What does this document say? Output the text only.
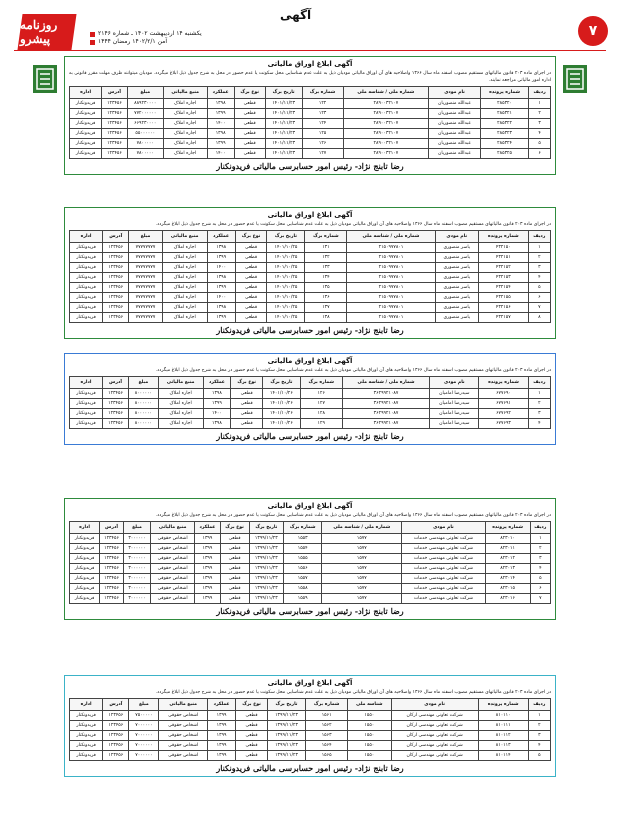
روزنامه پیشرو	یکشنبه ۱۴ اردیبهشت ۱۴۰۲ ـ شماره ۲۱۴۶
آمن ۱۴۰۲/۲/۱ رمضان ۱۴۴۴
آگهی
۷
آگهی ابلاغ اوراق مالیاتی
در اجرای ماده ۲۰۳ قانون مالیاتهای مستقیم مصوب اسفند ماه سال ۱۳۶۶ واصلاحیه های آن اوراق مالیاتی مودیان ذیل به علت عدم شناسایی محل سکونت یا عدم حضور در محل به شرح جدول ذیل ابلاغ میگردد. مودیان میتوانند ظرف مهلت مقرر قانونی به اداره امور مالیاتی مراجعه نمایند.
ردیف	شماره پرونده	نام مودی	شماره ملی / شناسه ملی	شماره برگ	تاریخ برگ	نوع برگ	عملکرد	منبع مالیاتی	مبلغ	آدرس	اداره
۱	۲۸۵۳۲۰	عبدالله منصوریان	۲۸۹۰۰۳۲۱۰۷	۱۲۲	۱۴۰۱/۱۱/۲۳	قطعی	۱۳۹۸	اجاره املاک	۸۸۹۲۳۰۰۰۰	۱۲۳۴۵۶	فریدونکنار
۲	۲۸۵۳۲۱	عبدالله منصوریان	۲۸۹۰۰۳۲۱۰۷	۱۲۳	۱۴۰۱/۱۱/۲۳	قطعی	۱۳۹۹	اجاره املاک	۷۷۲۰۰۰۰۰۰	۱۲۳۴۵۶	فریدونکنار
۳	۲۸۵۳۲۲	عبدالله منصوریان	۲۸۹۰۰۳۲۱۰۷	۱۲۴	۱۴۰۱/۱۱/۲۳	قطعی	۱۴۰۰	اجاره املاک	۶۶۹۲۳۰۰۰۰	۱۲۳۴۵۶	فریدونکنار
۴	۲۸۵۳۲۳	عبدالله منصوریان	۲۸۹۰۰۳۲۱۰۷	۱۲۵	۱۴۰۱/۱۱/۲۳	قطعی	۱۳۹۸	اجاره املاک	۵۵۰۰۰۰۰۰	۱۲۳۴۵۶	فریدونکنار
۵	۲۸۵۳۲۴	عبدالله منصوریان	۲۸۹۰۰۳۲۱۰۷	۱۲۶	۱۴۰۱/۱۱/۲۳	قطعی	۱۳۹۹	اجاره املاک	۷۸۰۰۰۰۰	۱۲۳۴۵۶	فریدونکنار
۶	۲۸۵۳۲۵	عبدالله منصوریان	۲۸۹۰۰۳۲۱۰۷	۱۲۷	۱۴۰۱/۱۱/۲۳	قطعی	۱۴۰۰	اجاره املاک	۷۸۰۰۰۰۰	۱۲۳۴۵۶	فریدونکنار
رضا تابنج نژاد- رئیس امور حسابرسی مالیاتی فریدونکنار
آگهی ابلاغ اوراق مالیاتی
در اجرای ماده ۲۰۳ قانون مالیاتهای مستقیم مصوب اسفند ماه سال ۱۳۶۶ واصلاحیه های آن اوراق مالیاتی مودیان ذیل به علت عدم شناسایی محل سکونت یا عدم حضور در محل به شرح جدول ذیل ابلاغ میگردد.
ردیف	شماره پرونده	نام مودی	شماره ملی / شناسه ملی	شماره برگ	تاریخ برگ	نوع برگ	عملکرد	منبع مالیاتی	مبلغ	آدرس	اداره
۱	۴۳۲۱۵۰	یاسر منصوری	۲۱۵۰۹۷۷۸۰۱	۱۳۱	۱۴۰۱/۱۰/۲۵	قطعی	۱۳۹۸	اجاره املاک	۷۷۷۷۷۷۷۷	۱۲۳۴۵۶	فریدونکنار
۲	۴۳۲۱۵۱	یاسر منصوری	۲۱۵۰۹۷۷۸۰۱	۱۳۲	۱۴۰۱/۱۰/۲۵	قطعی	۱۳۹۹	اجاره املاک	۷۷۷۷۷۷۷۷	۱۲۳۴۵۶	فریدونکنار
۳	۴۳۲۱۵۲	یاسر منصوری	۲۱۵۰۹۷۷۸۰۱	۱۳۳	۱۴۰۱/۱۰/۲۵	قطعی	۱۴۰۰	اجاره املاک	۷۷۷۷۷۷۷۷	۱۲۳۴۵۶	فریدونکنار
۴	۴۳۲۱۵۳	یاسر منصوری	۲۱۵۰۹۷۷۸۰۱	۱۳۴	۱۴۰۱/۱۰/۲۵	قطعی	۱۳۹۸	اجاره املاک	۷۷۷۷۷۷۷۷	۱۲۳۴۵۶	فریدونکنار
۵	۴۳۲۱۵۴	یاسر منصوری	۲۱۵۰۹۷۷۸۰۱	۱۳۵	۱۴۰۱/۱۰/۲۵	قطعی	۱۳۹۹	اجاره املاک	۷۷۷۷۷۷۷۷	۱۲۳۴۵۶	فریدونکنار
۶	۴۳۲۱۵۵	یاسر منصوری	۲۱۵۰۹۷۷۸۰۱	۱۳۶	۱۴۰۱/۱۰/۲۵	قطعی	۱۴۰۰	اجاره املاک	۷۷۷۷۷۷۷۷	۱۲۳۴۵۶	فریدونکنار
۷	۴۳۲۱۵۶	یاسر منصوری	۲۱۵۰۹۷۷۸۰۱	۱۳۷	۱۴۰۱/۱۰/۲۵	قطعی	۱۳۹۸	اجاره املاک	۷۷۷۷۷۷۷۷	۱۲۳۴۵۶	فریدونکنار
۸	۴۳۲۱۵۷	یاسر منصوری	۲۱۵۰۹۷۷۸۰۱	۱۳۸	۱۴۰۱/۱۰/۲۵	قطعی	۱۳۹۹	اجاره املاک	۷۷۷۷۷۷۷۷	۱۲۳۴۵۶	فریدونکنار
رضا تابنج نژاد- رئیس امور حسابرسی مالیاتی فریدونکنار
آگهی ابلاغ اوراق مالیاتی
در اجرای ماده ۲۰۳ قانون مالیاتهای مستقیم مصوب اسفند ماه سال ۱۳۶۶ واصلاحیه های آن اوراق مالیاتی مودیان ذیل به علت عدم شناسایی محل سکونت یا عدم حضور در محل به شرح جدول ذیل ابلاغ میگردد.
ردیف	شماره پرونده	نام مودی	شماره ملی / شناسه ملی	شماره برگ	تاریخ برگ	نوع برگ	عملکرد	منبع مالیاتی	مبلغ	آدرس	اداره
۱	۶۷۷۶۹۰	سیدرضا امامیان	۳۶۲۹۹۲۱۰۸۷	۱۲۶	۱۴۰۱/۱۰/۲۶	قطعی	۱۳۹۸	اجاره املاک	۸۰۰۰۰۰۰	۱۲۳۴۵۶	فریدونکنار
۲	۶۷۷۶۹۱	سیدرضا امامیان	۳۶۲۹۹۲۱۰۸۷	۱۲۷	۱۴۰۱/۱۰/۲۶	قطعی	۱۳۹۹	اجاره املاک	۸۰۰۰۰۰۰	۱۲۳۴۵۶	فریدونکنار
۳	۶۷۷۶۹۲	سیدرضا امامیان	۳۶۲۹۹۲۱۰۸۷	۱۲۸	۱۴۰۱/۱۰/۲۶	قطعی	۱۴۰۰	اجاره املاک	۸۰۰۰۰۰۰	۱۲۳۴۵۶	فریدونکنار
۴	۶۷۷۶۹۳	سیدرضا امامیان	۳۶۲۹۹۲۱۰۸۷	۱۲۹	۱۴۰۱/۱۰/۲۶	قطعی	۱۳۹۸	اجاره املاک	۸۰۰۰۰۰۰	۱۲۳۴۵۶	فریدونکنار
رضا تابنج نژاد- رئیس امور حسابرسی مالیاتی فریدونکنار
آگهی ابلاغ اوراق مالیاتی
در اجرای ماده ۲۰۳ قانون مالیاتهای مستقیم مصوب اسفند ماه سال ۱۳۶۶ واصلاحیه های آن اوراق مالیاتی مودیان ذیل به علت عدم شناسایی محل سکونت یا عدم حضور در محل به شرح جدول ذیل ابلاغ میگردد.
ردیف	شماره پرونده	نام مودی	شماره ملی / شناسه ملی	شماره برگ	تاریخ برگ	نوع برگ	عملکرد	منبع مالیاتی	مبلغ	آدرس	اداره
۱	۸۲۳۰۱۰	شرکت تعاونی مهندسی خدمات	۱۵۷۷	۱۵۵۳	۱۳۹۹/۱۱/۲۳	قطعی	۱۳۹۹	اشخاص حقوقی	۳۰۰۰۰۰۰	۱۲۳۴۵۶	فریدونکنار
۲	۸۲۳۰۱۱	شرکت تعاونی مهندسی خدمات	۱۵۷۷	۱۵۵۴	۱۳۹۹/۱۱/۲۳	قطعی	۱۳۹۹	اشخاص حقوقی	۳۰۰۰۰۰۰	۱۲۳۴۵۶	فریدونکنار
۳	۸۲۳۰۱۲	شرکت تعاونی مهندسی خدمات	۱۵۷۷	۱۵۵۵	۱۳۹۹/۱۱/۲۳	قطعی	۱۳۹۹	اشخاص حقوقی	۳۰۰۰۰۰۰	۱۲۳۴۵۶	فریدونکنار
۴	۸۲۳۰۱۳	شرکت تعاونی مهندسی خدمات	۱۵۷۷	۱۵۵۶	۱۳۹۹/۱۱/۲۳	قطعی	۱۳۹۹	اشخاص حقوقی	۳۰۰۰۰۰۰	۱۲۳۴۵۶	فریدونکنار
۵	۸۲۳۰۱۴	شرکت تعاونی مهندسی خدمات	۱۵۷۷	۱۵۵۷	۱۳۹۹/۱۱/۲۳	قطعی	۱۳۹۹	اشخاص حقوقی	۳۰۰۰۰۰۰	۱۲۳۴۵۶	فریدونکنار
۶	۸۲۳۰۱۵	شرکت تعاونی مهندسی خدمات	۱۵۷۷	۱۵۵۸	۱۳۹۹/۱۱/۲۳	قطعی	۱۳۹۹	اشخاص حقوقی	۳۰۰۰۰۰۰	۱۲۳۴۵۶	فریدونکنار
۷	۸۲۳۰۱۶	شرکت تعاونی مهندسی خدمات	۱۵۷۷	۱۵۵۹	۱۳۹۹/۱۱/۲۳	قطعی	۱۳۹۹	اشخاص حقوقی	۳۰۰۰۰۰۰	۱۲۳۴۵۶	فریدونکنار
رضا تابنج نژاد- رئیس امور حسابرسی مالیاتی فریدونکنار
آگهی ابلاغ اوراق مالیاتی
در اجرای ماده ۲۰۳ قانون مالیاتهای مستقیم مصوب اسفند ماه سال ۱۳۶۶ واصلاحیه های آن اوراق مالیاتی مودیان ذیل به علت عدم شناسایی محل سکونت یا عدم حضور در محل به شرح جدول ذیل ابلاغ میگردد.
ردیف	شماره پرونده	نام مودی	شناسه ملی	شماره برگ	تاریخ برگ	نوع برگ	عملکرد	منبع مالیاتی	مبلغ	آدرس	اداره
۱	۸۱۰۱۱۰	شرکت تعاونی مهندسی ارکان	۱۵۵۰	۱۵۶۱	۱۳۹۹/۱۱/۲۳	قطعی	۱۳۹۹	اشخاص حقوقی	۷۵۰۰۰۰۰	۱۲۳۴۵۶	فریدونکنار
۲	۸۱۰۱۱۱	شرکت تعاونی مهندسی ارکان	۱۵۵۰	۱۵۶۲	۱۳۹۹/۱۱/۲۳	قطعی	۱۳۹۹	اشخاص حقوقی	۷۰۰۰۰۰۰	۱۲۳۴۵۶	فریدونکنار
۳	۸۱۰۱۱۲	شرکت تعاونی مهندسی ارکان	۱۵۵۰	۱۵۶۳	۱۳۹۹/۱۱/۲۳	قطعی	۱۳۹۹	اشخاص حقوقی	۷۰۰۰۰۰۰	۱۲۳۴۵۶	فریدونکنار
۴	۸۱۰۱۱۳	شرکت تعاونی مهندسی ارکان	۱۵۵۰	۱۵۶۴	۱۳۹۹/۱۱/۲۳	قطعی	۱۳۹۹	اشخاص حقوقی	۷۰۰۰۰۰۰	۱۲۳۴۵۶	فریدونکنار
۵	۸۱۰۱۱۴	شرکت تعاونی مهندسی ارکان	۱۵۵۰	۱۵۶۵	۱۳۹۹/۱۱/۲۳	قطعی	۱۳۹۹	اشخاص حقوقی	۷۰۰۰۰۰۰	۱۲۳۴۵۶	فریدونکنار
رضا تابنج نژاد- رئیس امور حسابرسی مالیاتی فریدونکنار
